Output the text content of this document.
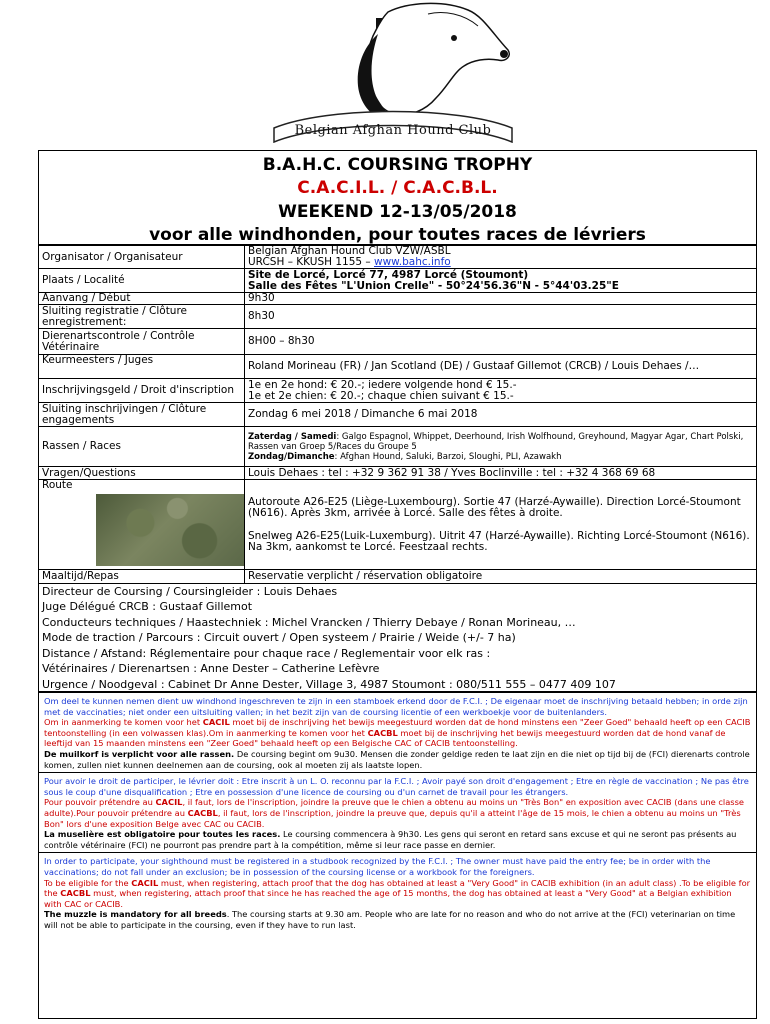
Belgian Afghan Hound Club
B.A.H.C. COURSING TROPHY
C.A.C.I.L. / C.A.C.B.L.
WEEKEND 12-13/05/2018
voor alle windhonden, pour toutes races de lévriers
Organisator / Organisateur	Belgian Afghan Hound Club VZW/ASBL
URCSH – KKUSH 1155 – www.bahc.info

Plaats / Localité	Site de Lorcé, Lorcé 77, 4987 Lorcé (Stoumont)
Salle des Fêtes "L'Union Crelle" - 50°24'56.36"N - 5°44'03.25"E

Aanvang / Début	9h30
Sluiting registratie / Clôture enregistrement:	8h30
Dierenartscontrole / Contrôle Vétérinaire	8H00 – 8h30
Keurmeesters / Juges	Roland Morineau (FR) / Jan Scotland (DE) / Gustaaf Gillemot (CRCB) / Louis Dehaes /…
Inschrijvingsgeld / Droit d'inscription	1e en 2e hond: € 20.-; iedere volgende hond € 15.-
1e et 2e chien: € 20.-; chaque chien suivant € 15.-

Sluiting inschrijvingen / Clôture engagements	Zondag 6 mei 2018 / Dimanche 6 mai 2018
Rassen / Races	Zaterdag / Samedi: Galgo Espagnol, Whippet, Deerhound, Irish Wolfhound, Greyhound, Magyar Agar, Chart Polski, Rassen van Groep 5/Races du Groupe 5
Zondag/Dimanche: Afghan Hound, Saluki, Barzoi, Sloughi, PLI, Azawakh
Vragen/Questions	Louis Dehaes : tel : +32 9 362 91 38 / Yves Boclinville : tel : +32 4 368 69 68

Route	Autoroute A26-E25 (Liège-Luxembourg). Sortie 47 (Harzé-Aywaille). Direction Lorcé-Stoumont (N616). Après 3km, arrivée à Lorcé. Salle des fêtes à droite.
Snelweg A26-E25(Luik-Luxemburg). Uitrit 47 (Harzé-Aywaille). Richting Lorcé-Stoumont (N616). Na 3km, aankomst te Lorcé. Feestzaal rechts.

Maaltijd/Repas	Reservatie verplicht / réservation obligatoire
Directeur de Coursing / Coursingleider : Louis Dehaes
Juge Délégué CRCB : Gustaaf Gillemot
Conducteurs techniques / Haastechniek : Michel Vrancken / Thierry Debaye / Ronan Morineau, …
Mode de traction / Parcours : Circuit ouvert / Open systeem / Prairie / Weide (+/- 7 ha)
Distance / Afstand: Réglementaire pour chaque race / Reglementair voor elk ras :
Vétérinaires / Dierenartsen : Anne Dester – Catherine Lefèvre
Urgence / Noodgeval : Cabinet Dr Anne Dester, Village 3, 4987 Stoumont : 080/511 555 – 0477 409 107
Om deel te kunnen nemen dient uw windhond ingeschreven te zijn in een stamboek erkend door de F.C.I. ; De eigenaar moet de inschrijving betaald hebben; in orde zijn met de vaccinaties; niet onder een uitsluiting vallen; in het bezit zijn van de coursing licentie of een werkboekje voor de buitenlanders.
Om in aanmerking te komen voor het CACIL moet bij de inschrijving het bewijs meegestuurd worden dat de hond minstens een "Zeer Goed" behaald heeft op een CACIB tentoonstelling (in een volwassen klas).Om in aanmerking te komen voor het CACBL moet bij de inschrijving het bewijs meegestuurd worden dat de hond vanaf de leeftijd van 15 maanden minstens een "Zeer Goed" behaald heeft op een Belgische CAC of CACIB tentoonstelling.
De muilkorf is verplicht voor alle rassen. De coursing begint om 9u30. Mensen die zonder geldige reden te laat zijn en die niet op tijd bij de (FCI) dierenarts controle komen, zullen niet kunnen deelnemen aan de coursing, ook al moeten zij als laatste lopen.
Pour avoir le droit de participer, le lévrier doit : Etre inscrit à un L. O. reconnu par la F.C.I. ; Avoir payé son droit d'engagement ; Etre en règle de vaccination ; Ne pas être sous le coup d'une disqualification ; Etre en possession d'une licence de coursing ou d'un carnet de travail pour les étrangers.
Pour pouvoir prétendre au CACIL, il faut, lors de l'inscription, joindre la preuve que le chien a obtenu au moins un "Très Bon" en exposition avec CACIB (dans une classe adulte).Pour pouvoir prétendre au CACBL, il faut, lors de l'inscription, joindre la preuve que, depuis qu'il a atteint l'âge de 15 mois, le chien a obtenu au moins un "Très Bon" lors d'une exposition Belge avec CAC ou CACIB.
La muselière est obligatoire pour toutes les races. Le coursing commencera à 9h30. Les gens qui seront en retard sans excuse et qui ne seront pas présents au contrôle vétérinaire (FCI) ne pourront pas prendre part à la compétition, même si leur race passe en dernier.
In order to participate, your sighthound must be registered in a studbook recognized by the F.C.I. ; The owner must have paid the entry fee; be in order with the vaccinations; do not fall under an exclusion; be in possession of the coursing license or a workbook for the foreigners.
To be eligible for the CACIL must, when registering, attach proof that the dog has obtained at least a "Very Good" in CACIB exhibition (in an adult class) .To be eligible for the CACBL must, when registering, attach proof that since he has reached the age of 15 months, the dog has obtained at least a "Very Good" at a Belgian exhibition with CAC or CACIB.
The muzzle is mandatory for all breeds. The coursing starts at 9.30 am. People who are late for no reason and who do not arrive at the (FCI) veterinarian on time will not be able to participate in the coursing, even if they have to run last.
